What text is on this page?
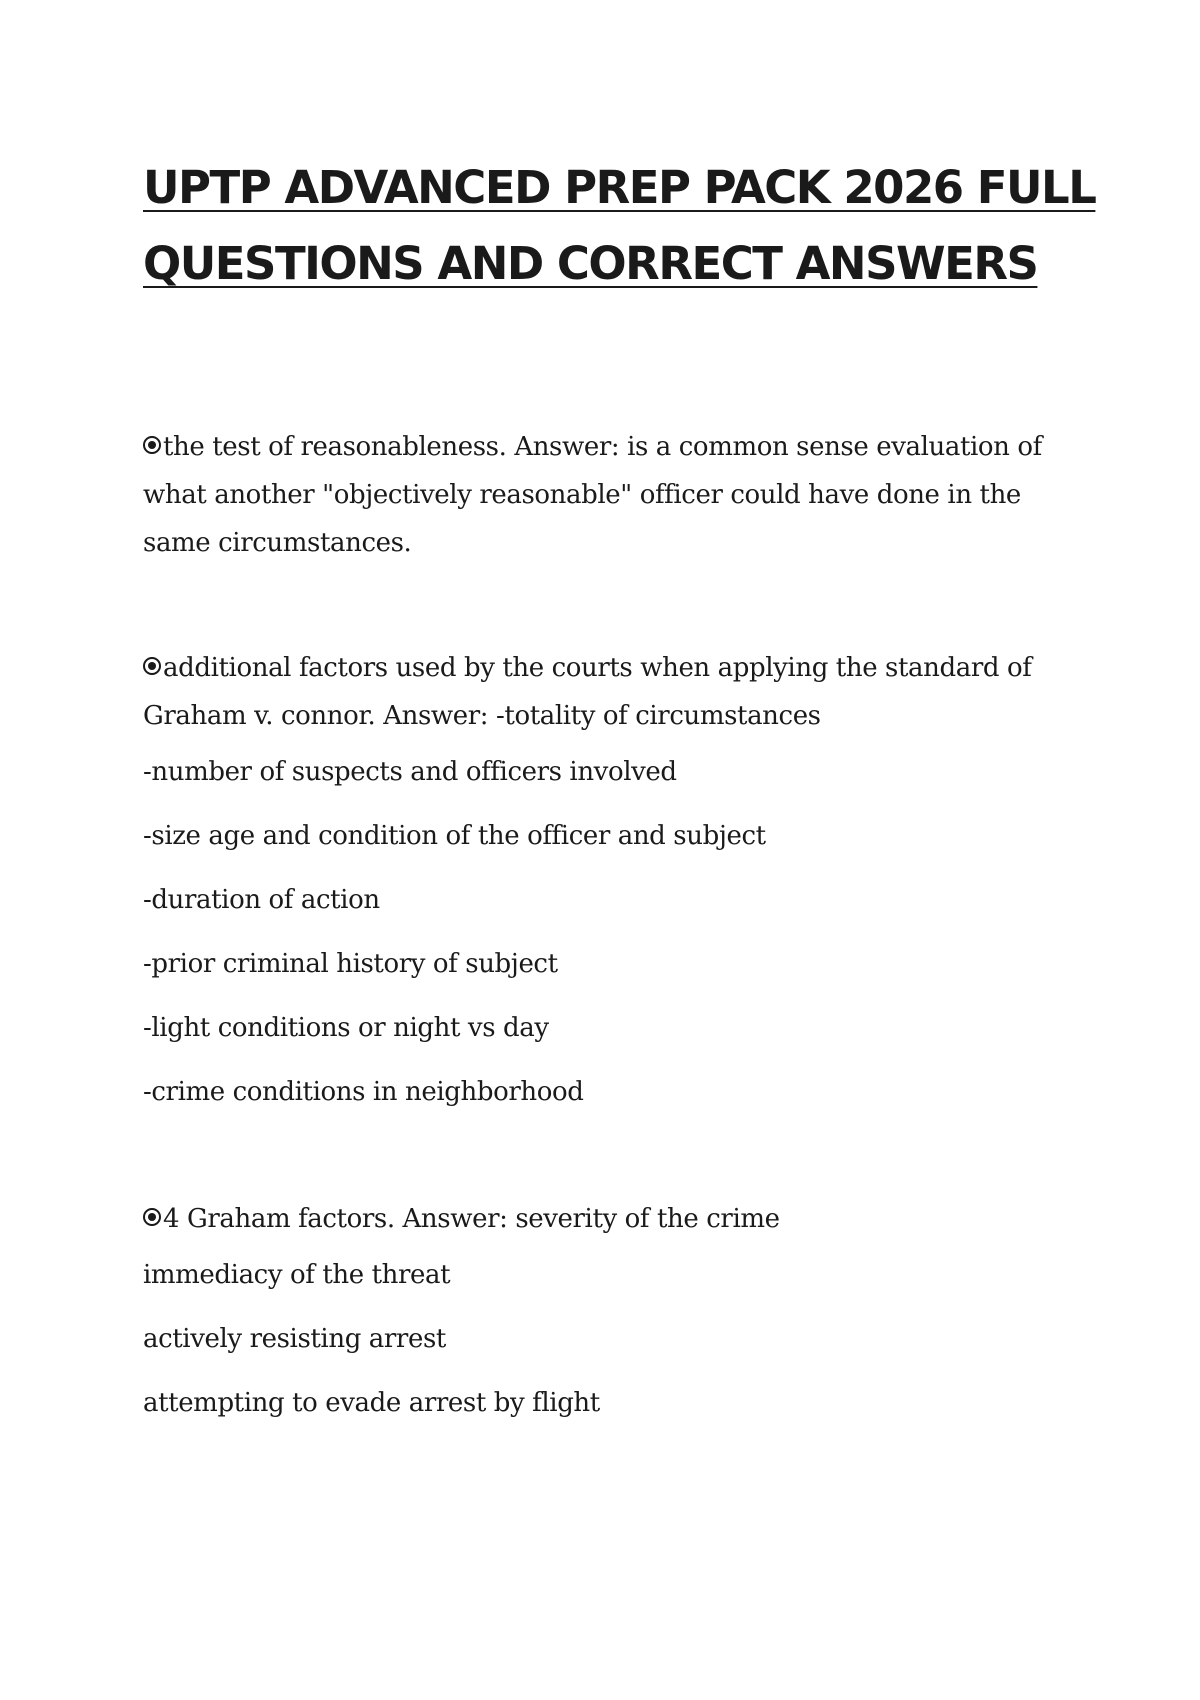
UPTP ADVANCED PREP PACK 2026 FULL
QUESTIONS AND CORRECT ANSWERS

the test of reasonableness. Answer: is a common sense evaluation of what another "objectively reasonable" officer could have done in the same circumstances.

additional factors used by the courts when applying the standard of Graham v. connor. Answer: -totality of circumstances

-number of suspects and officers involved

-size age and condition of the officer and subject

-duration of action

-prior criminal history of subject

-light conditions or night vs day

-crime conditions in neighborhood

4 Graham factors. Answer: severity of the crime

immediacy of the threat

actively resisting arrest

attempting to evade arrest by flight
